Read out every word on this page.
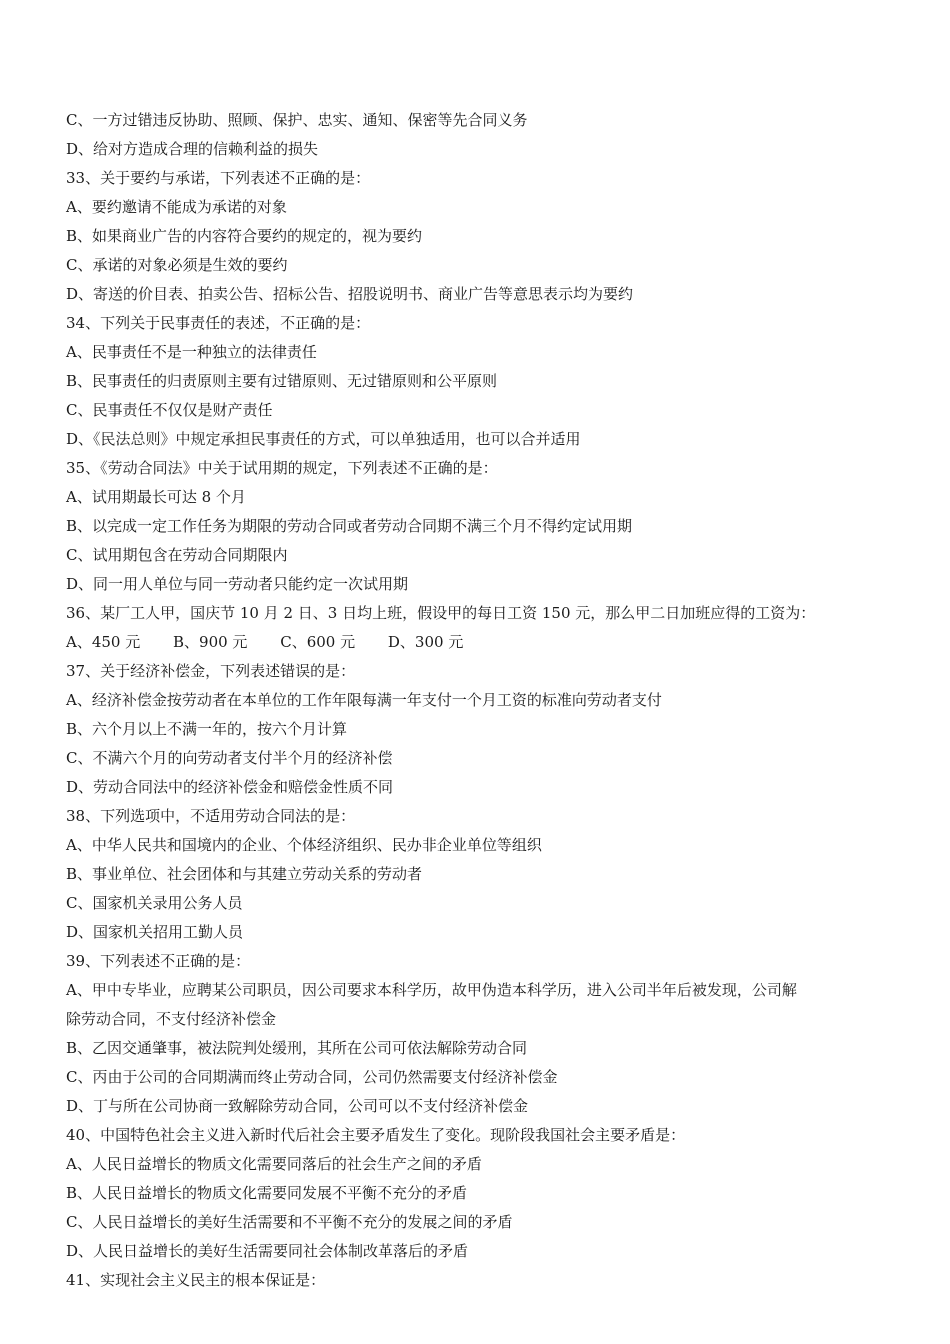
C、一方过错违反协助、照顾、保护、忠实、通知、保密等先合同义务
D、给对方造成合理的信赖利益的损失
33、关于要约与承诺，下列表述不正确的是：
A、要约邀请不能成为承诺的对象
B、如果商业广告的内容符合要约的规定的，视为要约
C、承诺的对象必须是生效的要约
D、寄送的价目表、拍卖公告、招标公告、招股说明书、商业广告等意思表示均为要约
34、下列关于民事责任的表述，不正确的是：
A、民事责任不是一种独立的法律责任
B、民事责任的归责原则主要有过错原则、无过错原则和公平原则
C、民事责任不仅仅是财产责任
D、《民法总则》中规定承担民事责任的方式，可以单独适用，也可以合并适用
35、《劳动合同法》中关于试用期的规定，下列表述不正确的是：
A、试用期最长可达 8 个月
B、以完成一定工作任务为期限的劳动合同或者劳动合同期不满三个月不得约定试用期
C、试用期包含在劳动合同期限内
D、同一用人单位与同一劳动者只能约定一次试用期
36、某厂工人甲，国庆节 10 月 2 日、3 日均上班，假设甲的每日工资 150 元，那么甲二日加班应得的工资为：
A、450 元 B、900 元 C、600 元 D、300 元
37、关于经济补偿金，下列表述错误的是：
A、经济补偿金按劳动者在本单位的工作年限每满一年支付一个月工资的标准向劳动者支付
B、六个月以上不满一年的，按六个月计算
C、不满六个月的向劳动者支付半个月的经济补偿
D、劳动合同法中的经济补偿金和赔偿金性质不同
38、下列选项中，不适用劳动合同法的是：
A、中华人民共和国境内的企业、个体经济组织、民办非企业单位等组织
B、事业单位、社会团体和与其建立劳动关系的劳动者
C、国家机关录用公务人员
D、国家机关招用工勤人员
39、下列表述不正确的是：
A、甲中专毕业，应聘某公司职员，因公司要求本科学历，故甲伪造本科学历，进入公司半年后被发现，公司解
除劳动合同，不支付经济补偿金
B、乙因交通肇事，被法院判处缓刑，其所在公司可依法解除劳动合同
C、丙由于公司的合同期满而终止劳动合同，公司仍然需要支付经济补偿金
D、丁与所在公司协商一致解除劳动合同，公司可以不支付经济补偿金
40、中国特色社会主义进入新时代后社会主要矛盾发生了变化。现阶段我国社会主要矛盾是：
A、人民日益增长的物质文化需要同落后的社会生产之间的矛盾
B、人民日益增长的物质文化需要同发展不平衡不充分的矛盾
C、人民日益增长的美好生活需要和不平衡不充分的发展之间的矛盾
D、人民日益增长的美好生活需要同社会体制改革落后的矛盾
41、实现社会主义民主的根本保证是：
